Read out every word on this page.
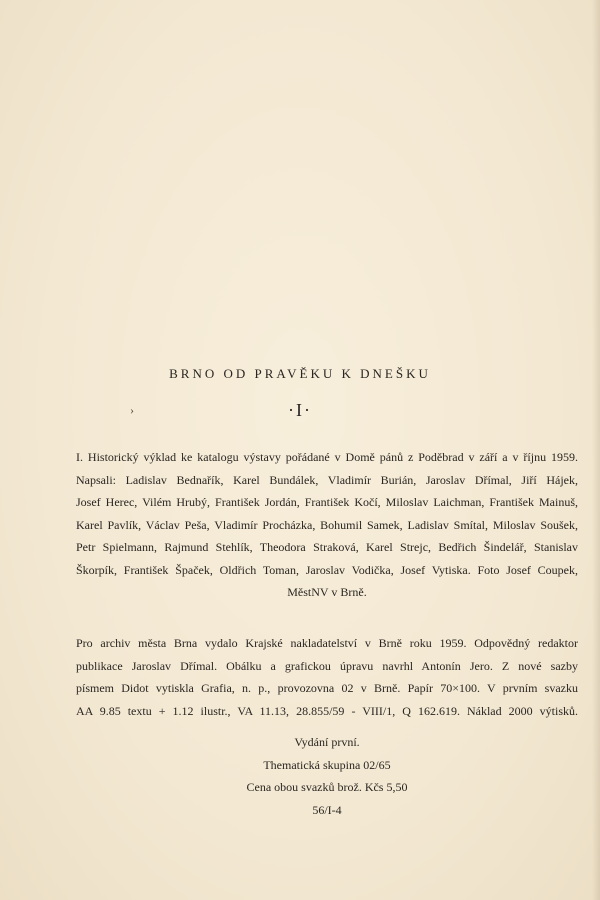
BRNO OD PRAVĚKU K DNEŠKU
›	·I·
I. Historický výklad ke katalogu výstavy pořádané v Domě pánů z Poděbrad v září a v říjnu 1959.
Napsali: Ladislav Bednařík, Karel Bundálek, Vladimír Burián, Jaroslav Dřímal, Jiří Hájek,
Josef Herec, Vilém Hrubý, František Jordán, František Kočí, Miloslav Laichman, František Mainuš,
Karel Pavlík, Václav Peša, Vladimír Procházka, Bohumil Samek, Ladislav Smítal, Miloslav Soušek,
Petr Spielmann, Rajmund Stehlík, Theodora Straková, Karel Strejc, Bedřich Šindelář, Stanislav
Škorpík, František Špaček, Oldřich Toman, Jaroslav Vodička, Josef Vytiska. Foto Josef Coupek,
MěstNV v Brně.
Pro archiv města Brna vydalo Krajské nakladatelství v Brně roku 1959. Odpovědný redaktor
publikace Jaroslav Dřímal. Obálku a grafickou úpravu navrhl Antonín Jero. Z nové sazby
písmem Didot vytiskla Grafia, n. p., provozovna 02 v Brně. Papír 70×100. V prvním svazku
AA 9.85 textu + 1.12 ilustr., VA 11.13, 28.855/59 - VIII/1, Q 162.619. Náklad 2000 výtisků.
Vydání první.
Thematická skupina 02/65
Cena obou svazků brož. Kčs 5,50
56/I-4
